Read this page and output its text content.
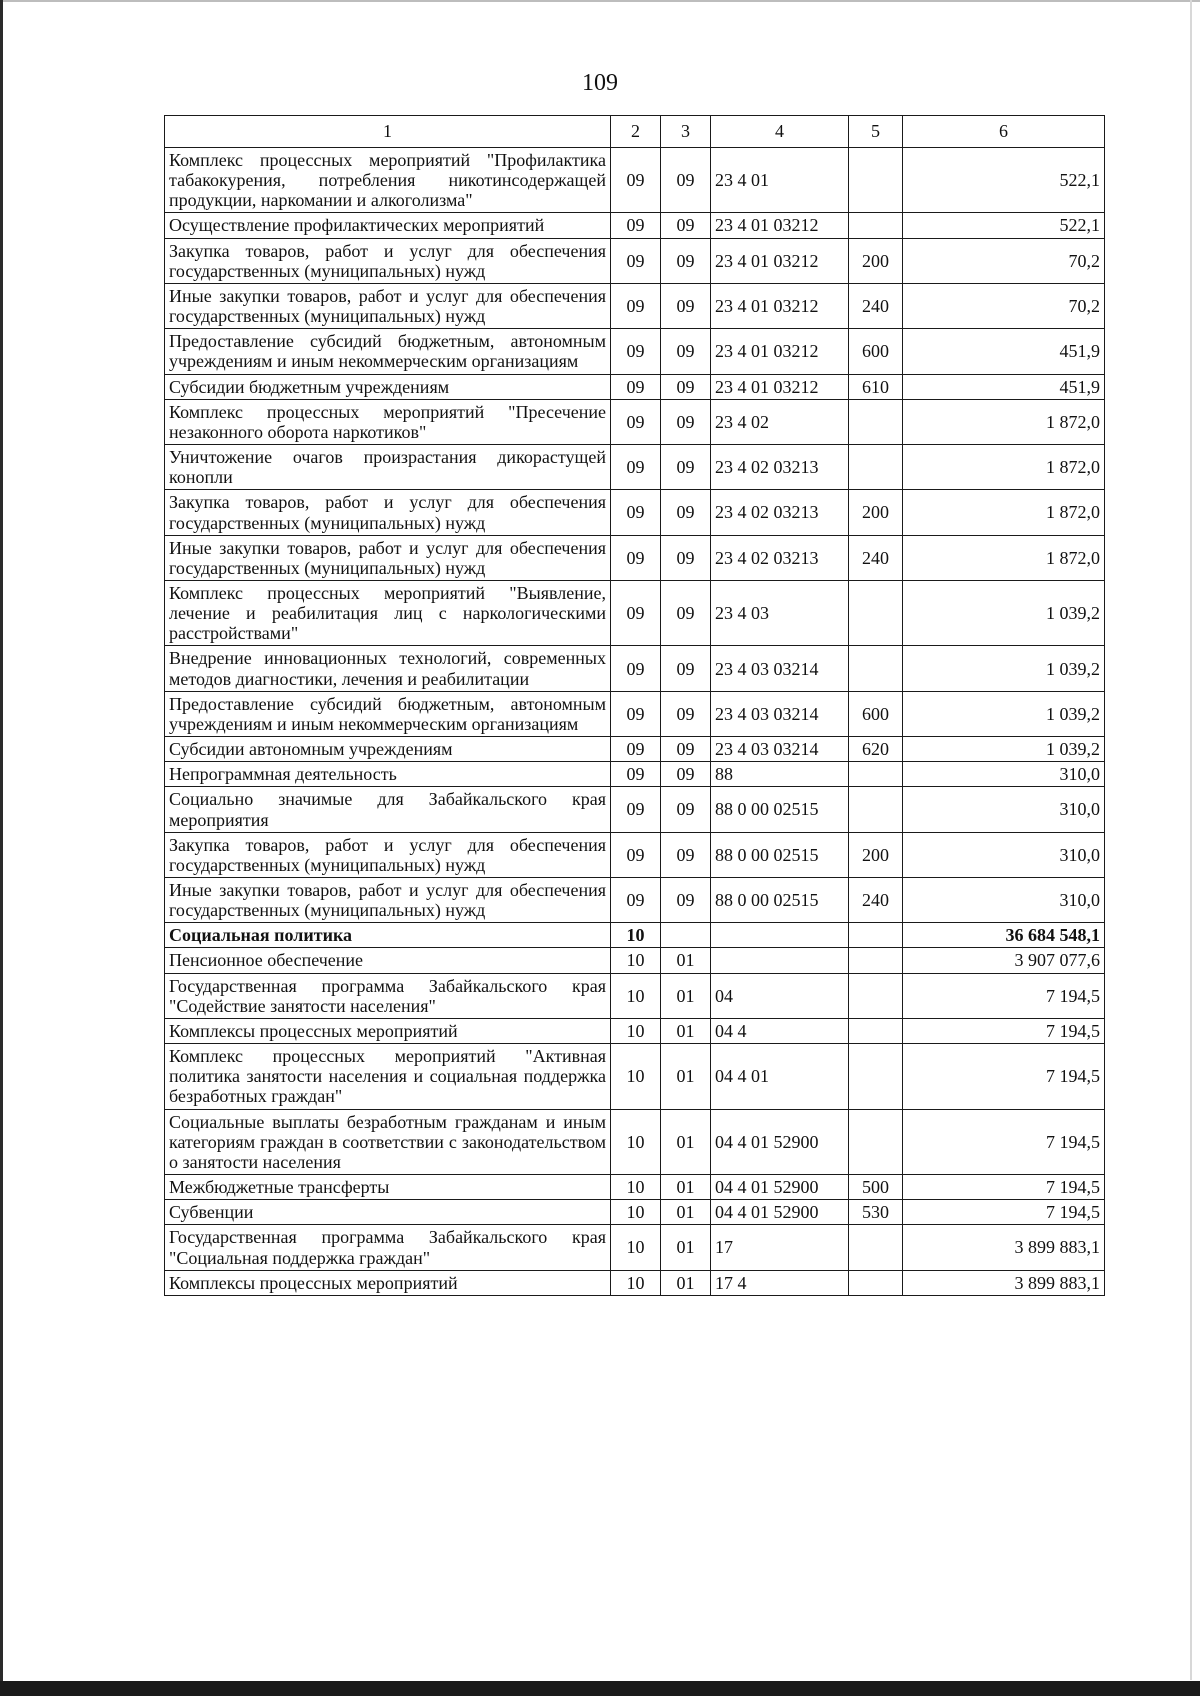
109
1	2	3	4	5	6
Комплекс процессных мероприятий "Профилактика табакокурения, потребления никотинсодержащей продукции, наркомании и алкоголизма"	09	09	23 4 01		522,1
Осуществление профилактических мероприятий	09	09	23 4 01 03212		522,1
Закупка товаров, работ и услуг для обеспечения государственных (муниципальных) нужд	09	09	23 4 01 03212	200	70,2
Иные закупки товаров, работ и услуг для обеспечения государственных (муниципальных) нужд	09	09	23 4 01 03212	240	70,2
Предоставление субсидий бюджетным, автономным учреждениям и иным некоммерческим организациям	09	09	23 4 01 03212	600	451,9
Субсидии бюджетным учреждениям	09	09	23 4 01 03212	610	451,9
Комплекс процессных мероприятий "Пресечение незаконного оборота наркотиков"	09	09	23 4 02		1 872,0
Уничтожение очагов произрастания дикорастущей конопли	09	09	23 4 02 03213		1 872,0
Закупка товаров, работ и услуг для обеспечения государственных (муниципальных) нужд	09	09	23 4 02 03213	200	1 872,0
Иные закупки товаров, работ и услуг для обеспечения государственных (муниципальных) нужд	09	09	23 4 02 03213	240	1 872,0
Комплекс процессных мероприятий "Выявление, лечение и реабилитация лиц с наркологическими расстройствами"	09	09	23 4 03		1 039,2
Внедрение инновационных технологий, современных методов диагностики, лечения и реабилитации	09	09	23 4 03 03214		1 039,2
Предоставление субсидий бюджетным, автономным учреждениям и иным некоммерческим организациям	09	09	23 4 03 03214	600	1 039,2
Субсидии автономным учреждениям	09	09	23 4 03 03214	620	1 039,2
Непрограммная деятельность	09	09	88		310,0
Социально значимые для Забайкальского края мероприятия	09	09	88 0 00 02515		310,0
Закупка товаров, работ и услуг для обеспечения государственных (муниципальных) нужд	09	09	88 0 00 02515	200	310,0
Иные закупки товаров, работ и услуг для обеспечения государственных (муниципальных) нужд	09	09	88 0 00 02515	240	310,0
Социальная политика	10				36 684 548,1
Пенсионное обеспечение	10	01			3 907 077,6
Государственная программа Забайкальского края "Содействие занятости населения"	10	01	04		7 194,5
Комплексы процессных мероприятий	10	01	04 4		7 194,5
Комплекс процессных мероприятий "Активная политика занятости населения и социальная поддержка безработных граждан"	10	01	04 4 01		7 194,5
Социальные выплаты безработным гражданам и иным категориям граждан в соответствии с законодательством о занятости населения	10	01	04 4 01 52900		7 194,5
Межбюджетные трансферты	10	01	04 4 01 52900	500	7 194,5
Субвенции	10	01	04 4 01 52900	530	7 194,5
Государственная программа Забайкальского края "Социальная поддержка граждан"	10	01	17		3 899 883,1
Комплексы процессных мероприятий	10	01	17 4		3 899 883,1
